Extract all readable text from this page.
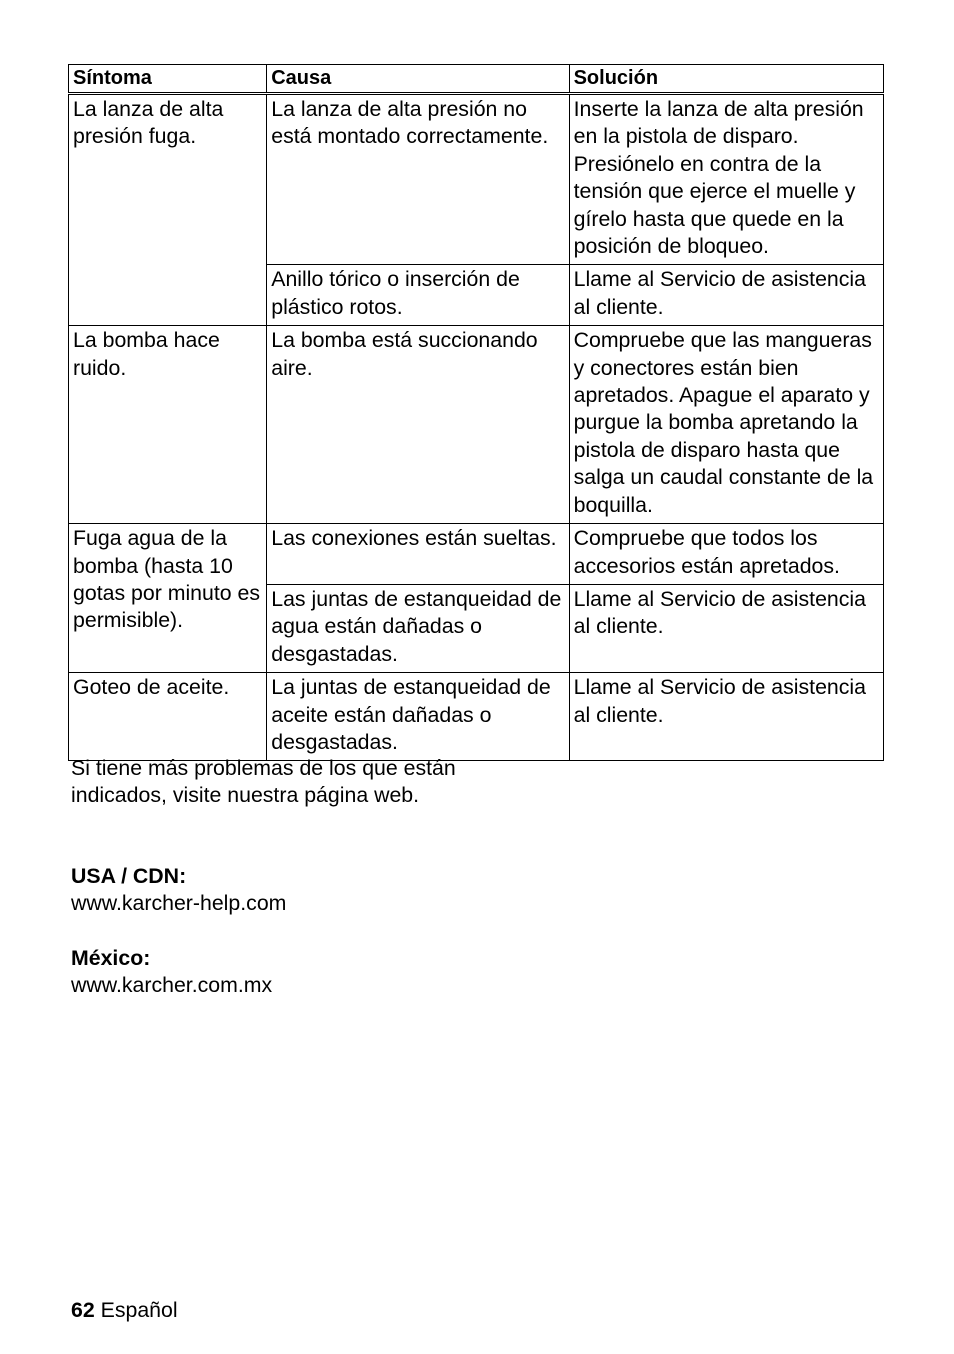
Síntoma	Causa	Solución
La lanza de alta presión fuga.	La lanza de alta presión no está montado correctamente.	Inserte la lanza de alta presión en la pistola de disparo. Presiónelo en contra de la tensión que ejerce el muelle y gírelo hasta que quede en la posición de bloqueo.
	Anillo tórico o inserción de plástico rotos.	Llame al Servicio de asistencia al cliente.
La bomba hace ruido.	La bomba está succionando aire.	Compruebe que las mangueras y conectores están bien apretados. Apague el aparato y purgue la bomba apretando la pistola de disparo hasta que salga un caudal constante de la boquilla.
Fuga agua de la bomba (hasta 10 gotas por minuto es permisible).	Las conexiones están sueltas.	Compruebe que todos los accesorios están apretados.
	Las juntas de estanqueidad de agua están dañadas o desgastadas.	Llame al Servicio de asistencia al cliente.
Goteo de aceite.	La juntas de estanqueidad de aceite están dañadas o desgastadas.	Llame al Servicio de asistencia al cliente.
Si tiene más problemas de los que están indicados, visite nuestra página web.
USA / CDN:
www.karcher-help.com
México:
www.karcher.com.mx
62 Español
